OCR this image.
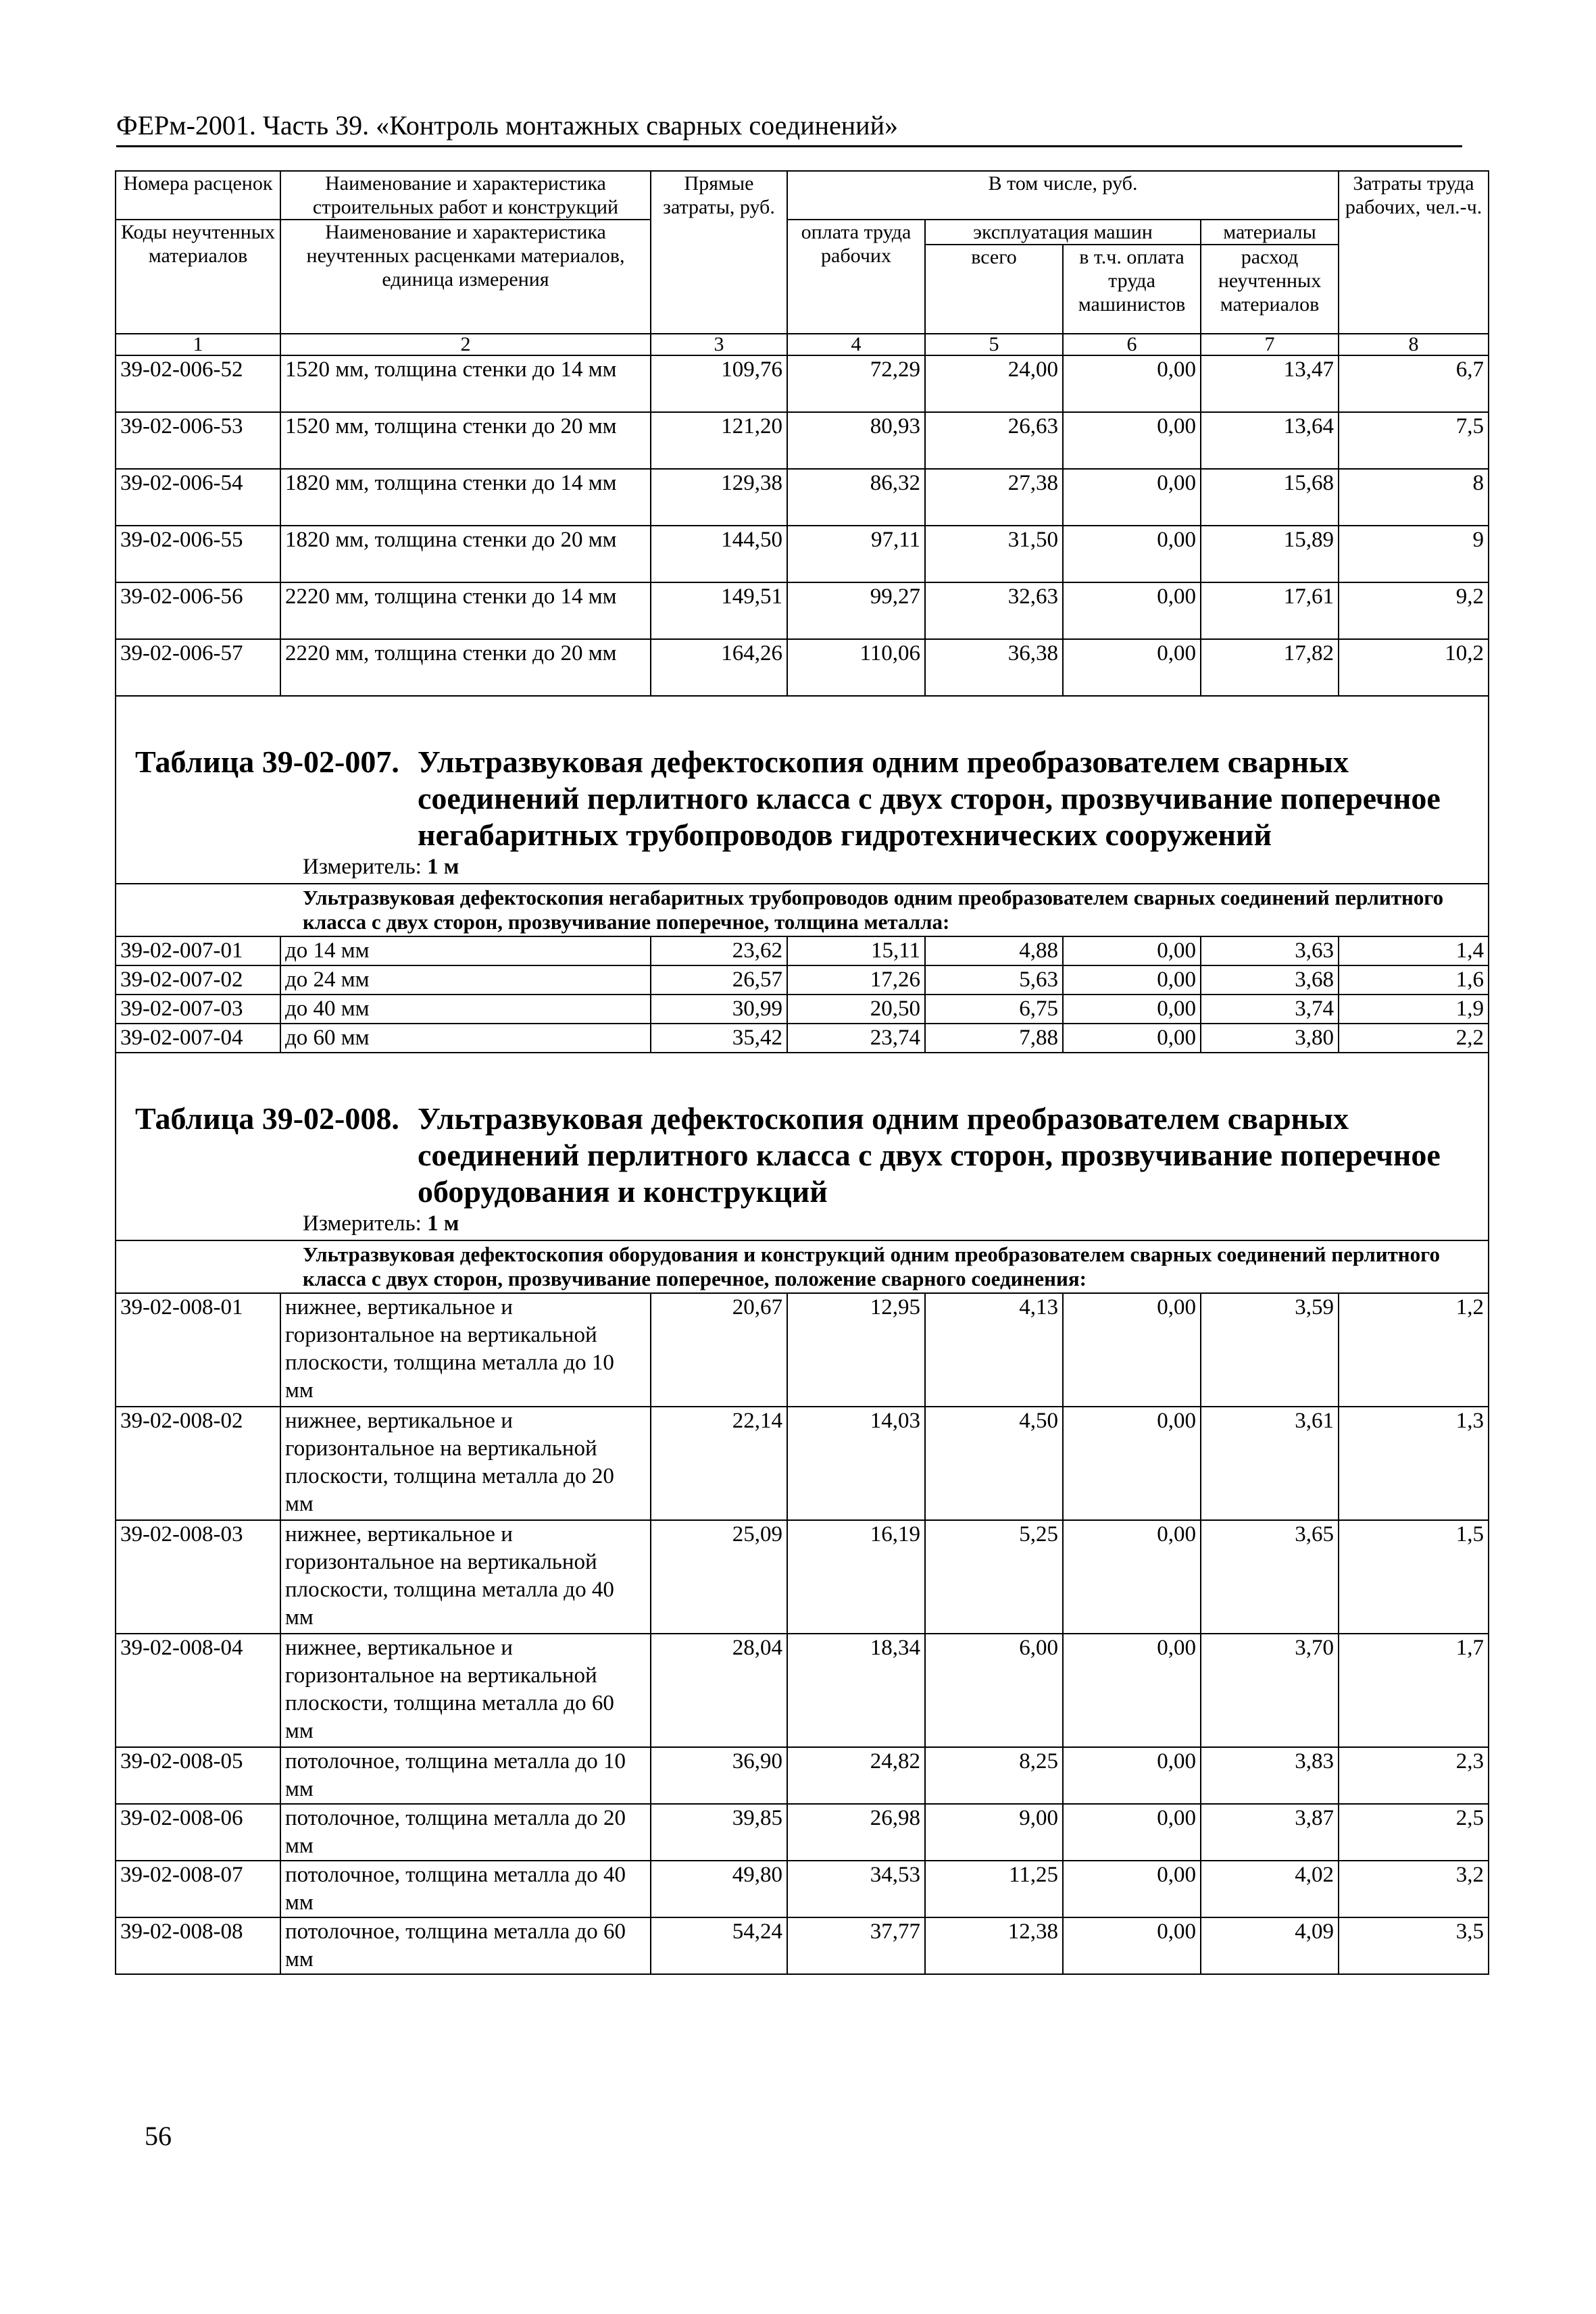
ФЕРм-2001. Часть 39. «Контроль монтажных сварных соединений»
Номера расценок	Наименование и характеристика строительных работ и конструкций	Прямые затраты, руб.	В том числе, руб.				Затраты труда рабочих, чел.-ч.
Коды неучтенных материалов	Наименование и характеристика неучтенных расценками материалов, единица измерения		оплата труда рабочих	эксплуатация машин		материалы	
				всего	в т.ч. оплата труда машинистов	расход неучтенных материалов	
1	2	3	4	5	6	7	8
39-02-006-52	1520 мм, толщина стенки до 14 мм	109,76	72,29	24,00	0,00	13,47	6,7
39-02-006-53	1520 мм, толщина стенки до 20 мм	121,20	80,93	26,63	0,00	13,64	7,5
39-02-006-54	1820 мм, толщина стенки до 14 мм	129,38	86,32	27,38	0,00	15,68	8
39-02-006-55	1820 мм, толщина стенки до 20 мм	144,50	97,11	31,50	0,00	15,89	9
39-02-006-56	2220 мм, толщина стенки до 14 мм	149,51	99,27	32,63	0,00	17,61	9,2
39-02-006-57	2220 мм, толщина стенки до 20 мм	164,26	110,06	36,38	0,00	17,82	10,2

Таблица 39-02-007. Ультразвуковая дефектоскопия одним преобразователем сварных соединений перлитного класса с двух сторон, прозвучивание поперечное негабаритных трубопроводов гидротехнических сооружений
Измеритель: 1 м							

Ультразвуковая дефектоскопия негабаритных трубопроводов одним преобразователем сварных соединений перлитного класса с двух сторон, прозвучивание поперечное, толщина металла:							

39-02-007-01	до 14 мм	23,62	15,11	4,88	0,00	3,63	1,4
39-02-007-02	до 24 мм	26,57	17,26	5,63	0,00	3,68	1,6
39-02-007-03	до 40 мм	30,99	20,50	6,75	0,00	3,74	1,9
39-02-007-04	до 60 мм	35,42	23,74	7,88	0,00	3,80	2,2

Таблица 39-02-008. Ультразвуковая дефектоскопия одним преобразователем сварных соединений перлитного класса с двух сторон, прозвучивание поперечное оборудования и конструкций
Измеритель: 1 м							

Ультразвуковая дефектоскопия оборудования и конструкций одним преобразователем сварных соединений перлитного класса с двух сторон, прозвучивание поперечное, положение сварного соединения:							

39-02-008-01	нижнее, вертикальное и горизонтальное на вертикальной плоскости, толщина металла до 10 мм	20,67	12,95	4,13	0,00	3,59	1,2
39-02-008-02	нижнее, вертикальное и горизонтальное на вертикальной плоскости, толщина металла до 20 мм	22,14	14,03	4,50	0,00	3,61	1,3
39-02-008-03	нижнее, вертикальное и горизонтальное на вертикальной плоскости, толщина металла до 40 мм	25,09	16,19	5,25	0,00	3,65	1,5
39-02-008-04	нижнее, вертикальное и горизонтальное на вертикальной плоскости, толщина металла до 60 мм	28,04	18,34	6,00	0,00	3,70	1,7
39-02-008-05	потолочное, толщина металла до 10 мм	36,90	24,82	8,25	0,00	3,83	2,3
39-02-008-06	потолочное, толщина металла до 20 мм	39,85	26,98	9,00	0,00	3,87	2,5
39-02-008-07	потолочное, толщина металла до 40 мм	49,80	34,53	11,25	0,00	4,02	3,2
39-02-008-08	потолочное, толщина металла до 60 мм	54,24	37,77	12,38	0,00	4,09	3,5
56
